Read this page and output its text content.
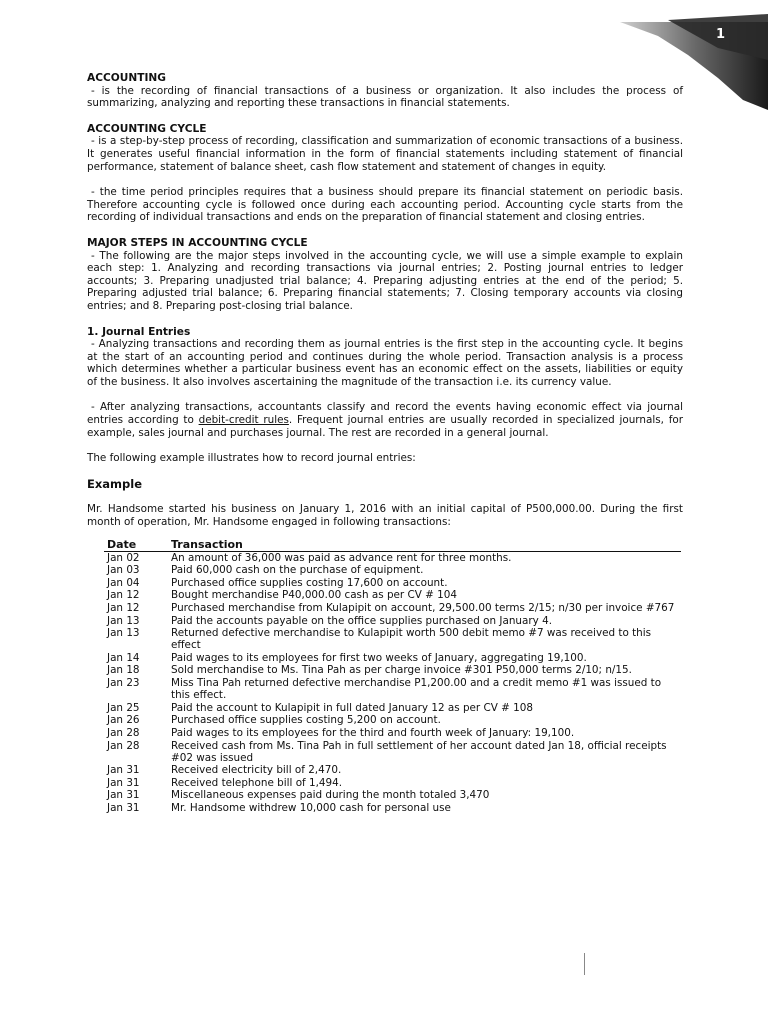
1
ACCOUNTING

- is the recording of financial transactions of a business or organization. It also includes the process of summarizing, analyzing and reporting these transactions in financial statements.

ACCOUNTING CYCLE

- is a step-by-step process of recording, classification and summarization of economic transactions of a business. It generates useful financial information in the form of financial statements including statement of financial performance, statement of balance sheet, cash flow statement and statement of changes in equity.

- the time period principles requires that a business should prepare its financial statement on periodic basis. Therefore accounting cycle is followed once during each accounting period. Accounting cycle starts from the recording of individual transactions and ends on the preparation of financial statement and closing entries.

MAJOR STEPS IN ACCOUNTING CYCLE

- The following are the major steps involved in the accounting cycle, we will use a simple example to explain each step: 1. Analyzing and recording transactions via journal entries; 2. Posting journal entries to ledger accounts; 3. Preparing unadjusted trial balance; 4. Preparing adjusting entries at the end of the period; 5. Preparing adjusted trial balance; 6. Preparing financial statements; 7. Closing temporary accounts via closing entries; and 8. Preparing post-closing trial balance.

1. Journal Entries

- Analyzing transactions and recording them as journal entries is the first step in the accounting cycle. It begins at the start of an accounting period and continues during the whole period. Transaction analysis is a process which determines whether a particular business event has an economic effect on the assets, liabilities or equity of the business. It also involves ascertaining the magnitude of the transaction i.e. its currency value.

- After analyzing transactions, accountants classify and record the events having economic effect via journal entries according to debit-credit rules. Frequent journal entries are usually recorded in specialized journals, for example, sales journal and purchases journal. The rest are recorded in a general journal.

The following example illustrates how to record journal entries:

Example

Mr. Handsome started his business on January 1, 2016 with an initial capital of P500,000.00. During the first month of operation, Mr. Handsome engaged in following transactions:

Date	Transaction
Jan 02	An amount of 36,000 was paid as advance rent for three months.
Jan 03	Paid 60,000 cash on the purchase of equipment.
Jan 04	Purchased office supplies costing 17,600 on account.
Jan 12	Bought merchandise P40,000.00 cash as per CV # 104
Jan 12	Purchased merchandise from Kulapipit on account, 29,500.00 terms 2/15; n/30 per invoice #767
Jan 13	Paid the accounts payable on the office supplies purchased on January 4.
Jan 13	Returned defective merchandise to Kulapipit worth 500 debit memo #7 was received to this effect
Jan 14	Paid wages to its employees for first two weeks of January, aggregating 19,100.
Jan 18	Sold merchandise to Ms. Tina Pah as per charge invoice #301 P50,000 terms 2/10; n/15.
Jan 23	Miss Tina Pah returned defective merchandise P1,200.00 and a credit memo #1 was issued to this effect.
Jan 25	Paid the account to Kulapipit in full dated January 12 as per CV # 108
Jan 26	Purchased office supplies costing 5,200 on account.
Jan 28	Paid wages to its employees for the third and fourth week of January: 19,100.
Jan 28	Received cash from Ms. Tina Pah in full settlement of her account dated Jan 18, official receipts #02 was issued
Jan 31	Received electricity bill of 2,470.
Jan 31	Received telephone bill of 1,494.
Jan 31	Miscellaneous expenses paid during the month totaled 3,470
Jan 31	Mr. Handsome withdrew 10,000 cash for personal use
